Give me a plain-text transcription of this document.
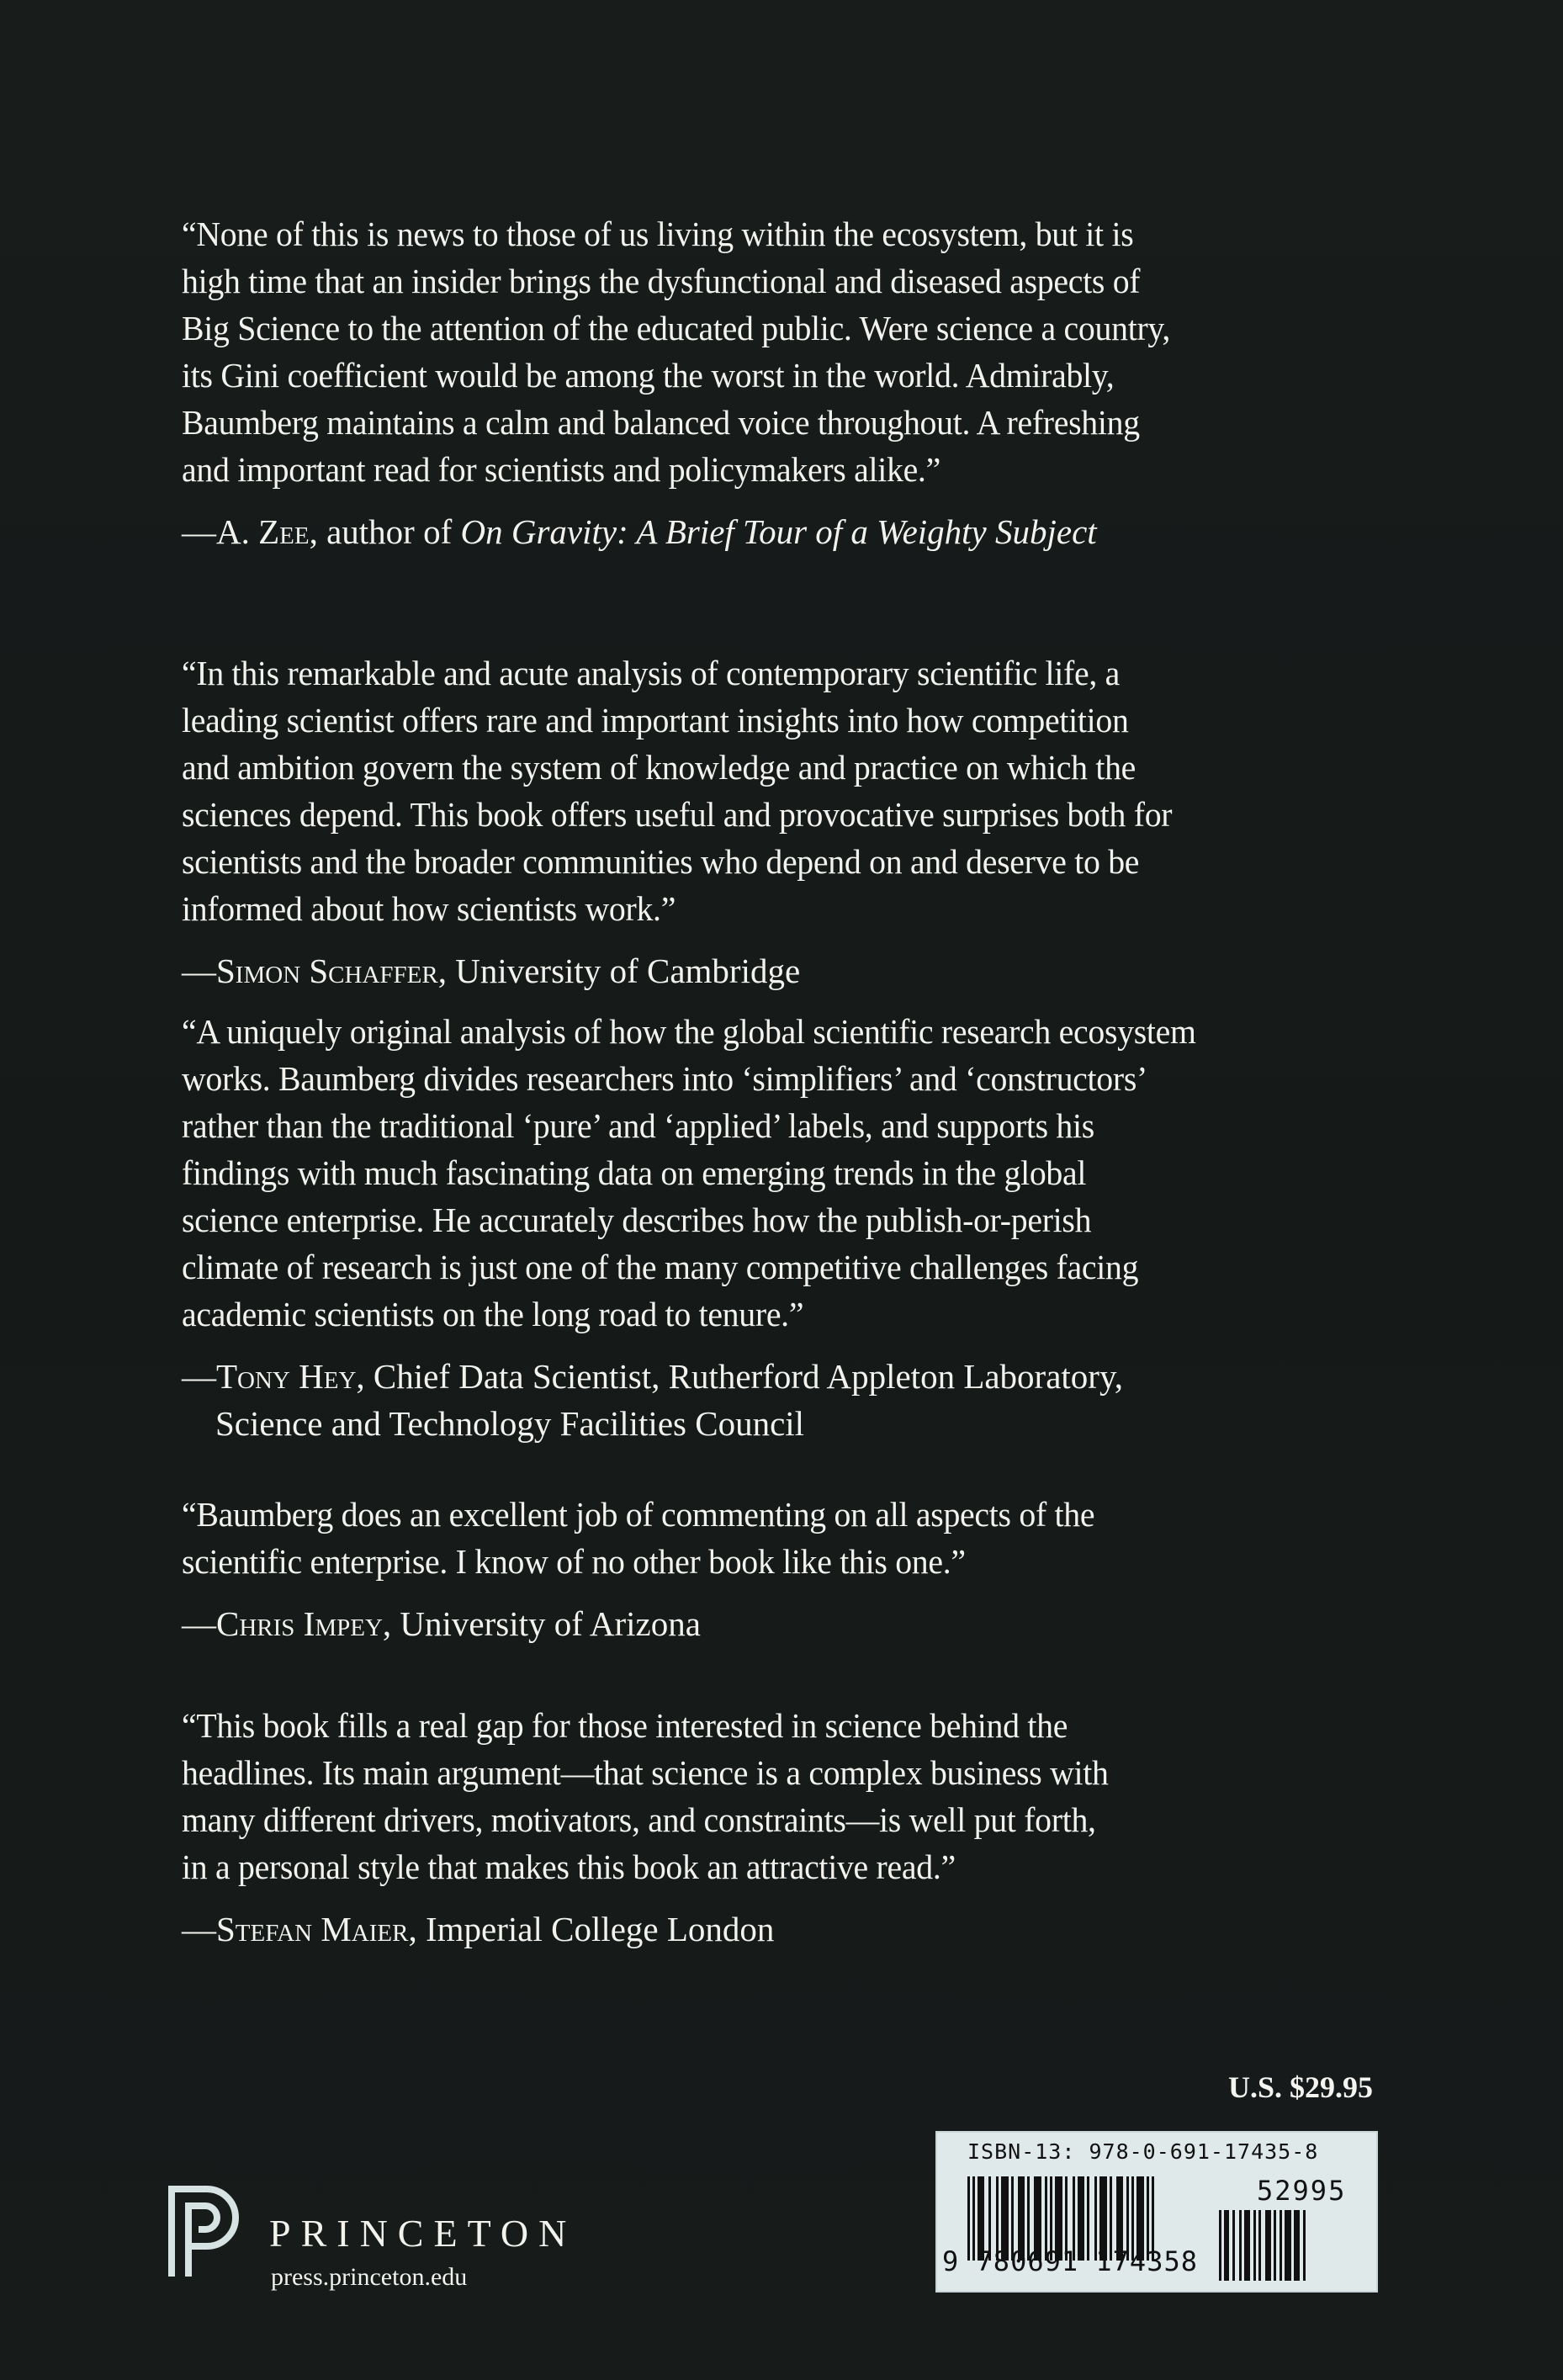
“None of this is news to those of us living within the ecosystem, but it is
high time that an insider brings the dysfunctional and diseased aspects of
Big Science to the attention of the educated public. Were science a country,
its Gini coefficient would be among the worst in the world. Admirably,
Baumberg maintains a calm and balanced voice throughout. A refreshing
and important read for scientists and policymakers alike.”

—A. Zee, author of On Gravity: A Brief Tour of a Weighty Subject

“In this remarkable and acute analysis of contemporary scientific life, a
leading scientist offers rare and important insights into how competition
and ambition govern the system of knowledge and practice on which the
sciences depend. This book offers useful and provocative surprises both for
scientists and the broader communities who depend on and deserve to be
informed about how scientists work.”

—Simon Schaffer, University of Cambridge

“A uniquely original analysis of how the global scientific research ecosystem
works. Baumberg divides researchers into ‘simplifiers’ and ‘constructors’
rather than the traditional ‘pure’ and ‘applied’ labels, and supports his
findings with much fascinating data on emerging trends in the global
science enterprise. He accurately describes how the publish-or-perish
climate of research is just one of the many competitive challenges facing
academic scientists on the long road to tenure.”

—Tony Hey, Chief Data Scientist, Rutherford Appleton Laboratory,
Science and Technology Facilities Council

“Baumberg does an excellent job of commenting on all aspects of the
scientific enterprise. I know of no other book like this one.”

—Chris Impey, University of Arizona

“This book fills a real gap for those interested in science behind the
headlines. Its main argument—that science is a complex business with
many different drivers, motivators, and constraints—is well put forth,
in a personal style that makes this book an attractive read.”

—Stefan Maier, Imperial College London
U.S. $29.95
ISBN-13: 978-0-691-17435-8
52995
9 780691 174358
PRINCETON
press.princeton.edu
